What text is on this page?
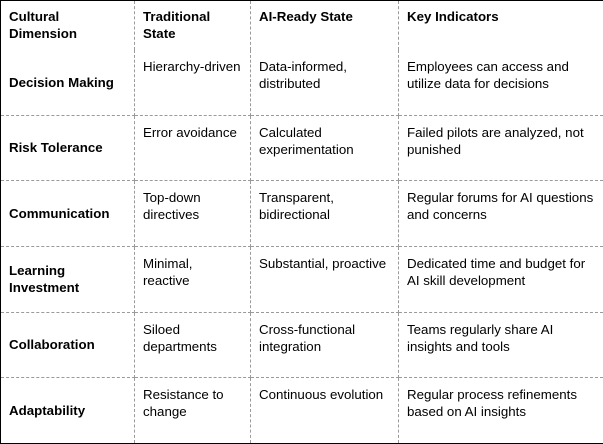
Cultural Dimension	Traditional State	AI-Ready State	Key Indicators
Decision Making	Hierarchy-driven	Data-informed, distributed	Employees can access and utilize data for decisions
Risk Tolerance	Error avoidance	Calculated experimentation	Failed pilots are analyzed, not punished
Communication	Top-down directives	Transparent, bidirectional	Regular forums for AI questions and concerns
Learning Investment	Minimal, reactive	Substantial, proactive	Dedicated time and budget for AI skill development
Collaboration	Siloed departments	Cross-functional integration	Teams regularly share AI insights and tools
Adaptability	Resistance to change	Continuous evolution	Regular process refinements based on AI insights
